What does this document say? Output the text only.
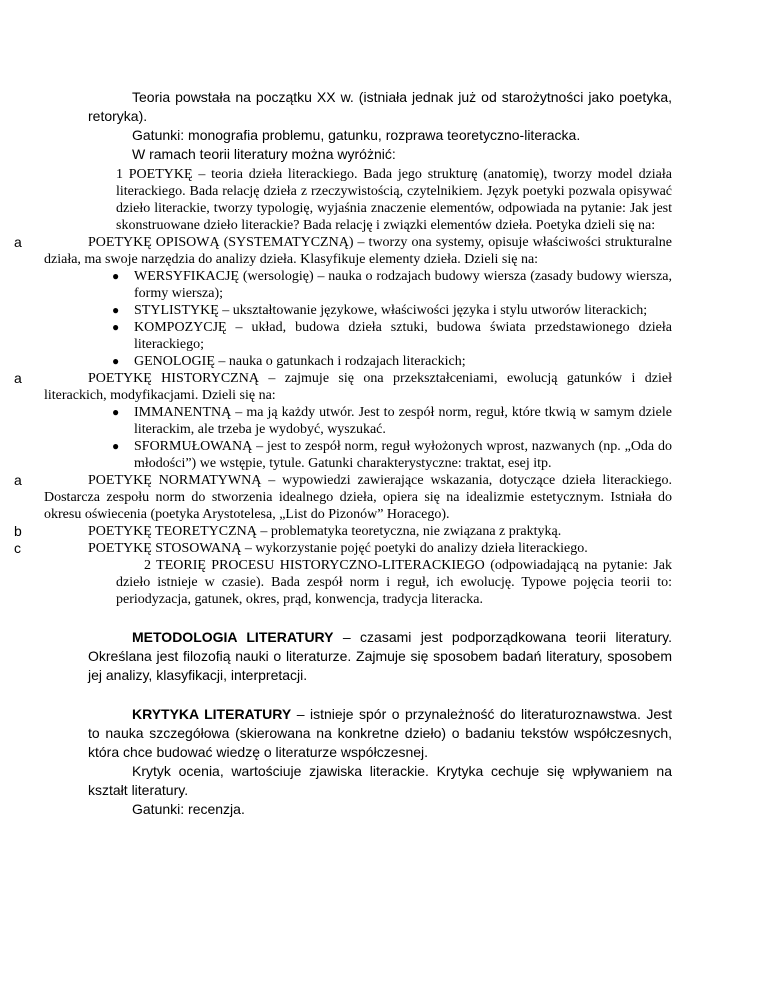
Teoria powstała na początku XX w. (istniała jednak już od starożytności jako poetyka, retoryka).

Gatunki: monografia problemu, gatunku, rozprawa teoretyczno-literacka.

W ramach teorii literatury można wyróżnić:

1 POETYKĘ – teoria dzieła literackiego. Bada jego strukturę (anatomię), tworzy model działa literackiego. Bada relację dzieła z rzeczywistością, czytelnikiem. Język poetyki pozwala opisywać dzieło literackie, tworzy typologię, wyjaśnia znaczenie elementów, odpowiada na pytanie: Jak jest skonstruowane dzieło literackie? Bada relację i związki elementów dzieła. Poetyka dzieli się na:

a	POETYKĘ OPISOWĄ (SYSTEMATYCZNĄ) – tworzy ona systemy, opisuje właściwości strukturalne działa, ma swoje narzędzia do analizy dzieła. Klasyfikuje elementy dzieła. Dzieli się na:

● WERSYFIKACJĘ (wersologię) – nauka o rodzajach budowy wiersza (zasady budowy wiersza, formy wiersza);
● STYLISTYKĘ – ukształtowanie językowe, właściwości języka i stylu utworów literackich;
● KOMPOZYCJĘ – układ, budowa dzieła sztuki, budowa świata przedstawionego dzieła literackiego;
● GENOLOGIĘ – nauka o gatunkach i rodzajach literackich;
a	POETYKĘ HISTORYCZNĄ – zajmuje się ona przekształceniami, ewolucją gatunków i dzieł literackich, modyfikacjami. Dzieli się na:

● IMMANENTNĄ – ma ją każdy utwór. Jest to zespół norm, reguł, które tkwią w samym dziele literackim, ale trzeba je wydobyć, wyszukać.
● SFORMUŁOWANĄ – jest to zespół norm, reguł wyłożonych wprost, nazwanych (np. „Oda do młodości”) we wstępie, tytule. Gatunki charakterystyczne: traktat, esej itp.
a	POETYKĘ NORMATYWNĄ – wypowiedzi zawierające wskazania, dotyczące dzieła literackiego. Dostarcza zespołu norm do stworzenia idealnego dzieła, opiera się na idealizmie estetycznym. Istniała do okresu oświecenia (poetyka Arystotelesa, „List do Pizonów” Horacego).

b	POETYKĘ TEORETYCZNĄ – problematyka teoretyczna, nie związana z praktyką.

c	POETYKĘ STOSOWANĄ – wykorzystanie pojęć poetyki do analizy dzieła literackiego.

2 TEORIĘ PROCESU HISTORYCZNO-LITERACKIEGO (odpowiadającą na pytanie: Jak dzieło istnieje w czasie). Bada zespół norm i reguł, ich ewolucję. Typowe pojęcia teorii to: periodyzacja, gatunek, okres, prąd, konwencja, tradycja literacka.

METODOLOGIA LITERATURY – czasami jest podporządkowana teorii literatury. Określana jest filozofią nauki o literaturze. Zajmuje się sposobem badań literatury, sposobem jej analizy, klasyfikacji, interpretacji.

KRYTYKA LITERATURY – istnieje spór o przynależność do literaturoznawstwa. Jest to nauka szczegółowa (skierowana na konkretne dzieło) o badaniu tekstów współczesnych, która chce budować wiedzę o literaturze współczesnej.

Krytyk ocenia, wartościuje zjawiska literackie. Krytyka cechuje się wpływaniem na kształt literatury.

Gatunki: recenzja.
